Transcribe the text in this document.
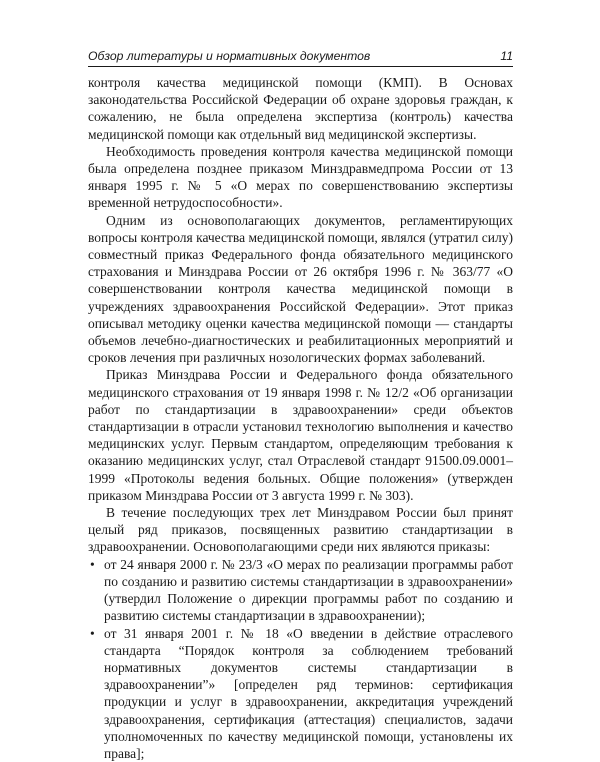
Обзор литературы и нормативных документов	11

контроля качества медицинской помощи (КМП). В Основах законодательства Российской Федерации об охране здоровья граждан, к сожалению, не была определена экспертиза (контроль) качества медицинской помощи как отдельный вид медицинской экспертизы.

Необходимость проведения контроля качества медицинской помощи была определена позднее приказом Минздравмедпрома России от 13 января 1995 г. № 5 «О мерах по совершенствованию экспертизы временной нетрудоспособности».

Одним из основополагающих документов, регламентирующих вопросы контроля качества медицинской помощи, являлся (утратил силу) совместный приказ Федерального фонда обязательного медицинского страхования и Минздрава России от 26 октября 1996 г. № 363/77 «О совершенствовании контроля качества медицинской помощи в учреждениях здравоохранения Российской Федерации». Этот приказ описывал методику оценки качества медицинской помощи — стандарты объемов лечебно-диагностических и реабилитационных мероприятий и сроков лечения при различных нозологических формах заболеваний.

Приказ Минздрава России и Федерального фонда обязательного медицинского страхования от 19 января 1998 г. № 12/2 «Об организации работ по стандартизации в здравоохранении» среди объектов стандартизации в отрасли установил технологию выполнения и качество медицинских услуг. Первым стандартом, определяющим требования к оказанию медицинских услуг, стал Отраслевой стандарт 91500.09.0001–1999 «Протоколы ведения больных. Общие положения» (утвержден приказом Минздрава России от 3 августа 1999 г. № 303).

В течение последующих трех лет Минздравом России был принят целый ряд приказов, посвященных развитию стандартизации в здравоохранении. Основополагающими среди них являются приказы:

• от 24 января 2000 г. № 23/3 «О мерах по реализации программы работ по созданию и развитию системы стандартизации в здравоохранении» (утвердил Положение о дирекции программы работ по созданию и развитию системы стандартизации в здравоохранении);
• от 31 января 2001 г. № 18 «О введении в действие отраслевого стандарта “Порядок контроля за соблюдением требований нормативных документов системы стандартизации в здравоохранении”» [определен ряд терминов: сертификация продукции и услуг в здравоохранении, аккредитация учреждений здравоохранения, сертификация (аттестация) специалистов, задачи уполномоченных по качеству медицинской помощи, установлены их права];
